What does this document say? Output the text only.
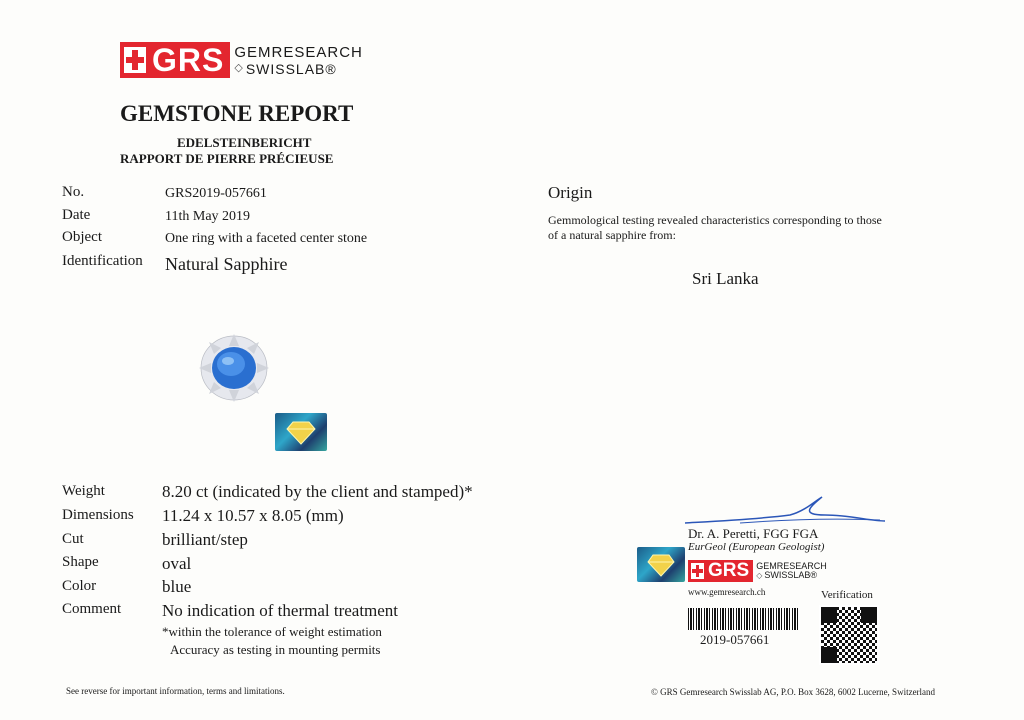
GRS GEMRESEARCH
◇ SWISSLAB®
GEMSTONE REPORT
EDELSTEINBERICHT
RAPPORT DE PIERRE PRÉCIEUSE
No.	GRS2019-057661
Date	11th May 2019
Object	One ring with a faceted center stone
Identification Natural Sapphire
Origin
Gemmological testing revealed characteristics corresponding to those
of a natural sapphire from:
Sri Lanka
Weight	8.20 ct (indicated by the client and stamped)*
Dimensions 11.24 x 10.57 x 8.05 (mm)
Cut	brilliant/step
Shape	oval
Color	blue
Comment No indication of thermal treatment
*within the tolerance of weight estimation
Accuracy as testing in mounting permits
Dr. A. Peretti, FGG FGA
EurGeol (European Geologist)
GRS GEMRESEARCH
◇ SWISSLAB®
www.gemresearch.ch	Verification
2019-057661
See reverse for important information, terms and limitations.	© GRS Gemresearch Swisslab AG, P.O. Box 3628, 6002 Lucerne, Switzerland
